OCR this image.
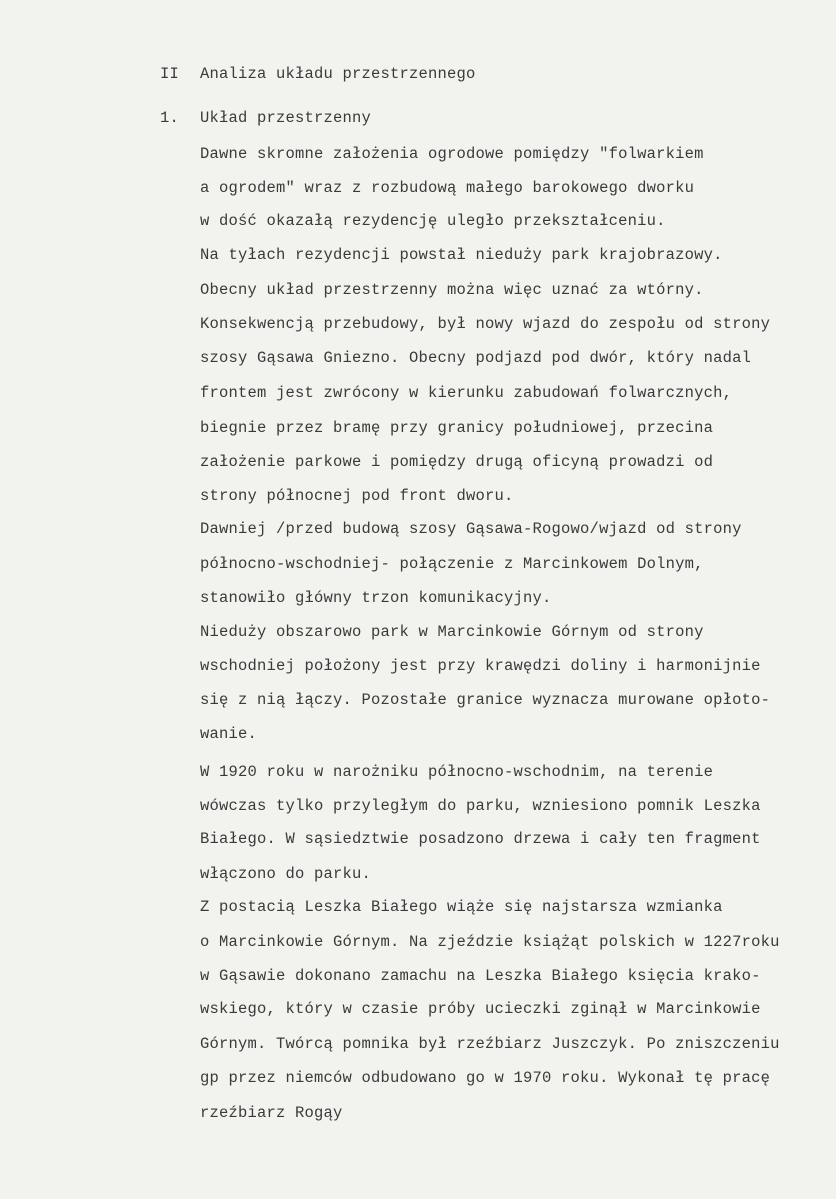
II Analiza układu przestrzennego
1. Układ przestrzenny
Dawne skromne założenia ogrodowe pomiędzy "folwarkiem
a ogrodem" wraz z rozbudową małego barokowego dworku
w dość okazałą rezydencję uległo przekształceniu.
Na tyłach rezydencji powstał nieduży park krajobrazowy.
Obecny układ przestrzenny można więc uznać za wtórny.
Konsekwencją przebudowy, był nowy wjazd do zespołu od strony
szosy Gąsawa Gniezno. Obecny podjazd pod dwór, który nadal
frontem jest zwrócony w kierunku zabudowań folwarcznych,
biegnie przez bramę przy granicy południowej, przecina
założenie parkowe i pomiędzy drugą oficyną prowadzi od
strony północnej pod front dworu.
Dawniej /przed budową szosy Gąsawa-Rogowo/wjazd od strony
północno-wschodniej- połączenie z Marcinkowem Dolnym,
stanowiło główny trzon komunikacyjny.
Nieduży obszarowo park w Marcinkowie Górnym od strony
wschodniej położony jest przy krawędzi doliny i harmonijnie
się z nią łączy. Pozostałe granice wyznacza murowane opłoto-
wanie.
W 1920 roku w narożniku północno-wschodnim, na terenie
wówczas tylko przyległym do parku, wzniesiono pomnik Leszka
Białego. W sąsiedztwie posadzono drzewa i cały ten fragment
włączono do parku.
Z postacią Leszka Białego wiąże się najstarsza wzmianka
o Marcinkowie Górnym. Na zjeździe książąt polskich w 1227roku
w Gąsawie dokonano zamachu na Leszka Białego księcia krako-
wskiego, który w czasie próby ucieczki zginął w Marcinkowie
Górnym. Twórcą pomnika był rzeźbiarz Juszczyk. Po zniszczeniu
gp przez niemców odbudowano go w 1970 roku. Wykonał tę pracę
rzeźbiarz Rogąy
